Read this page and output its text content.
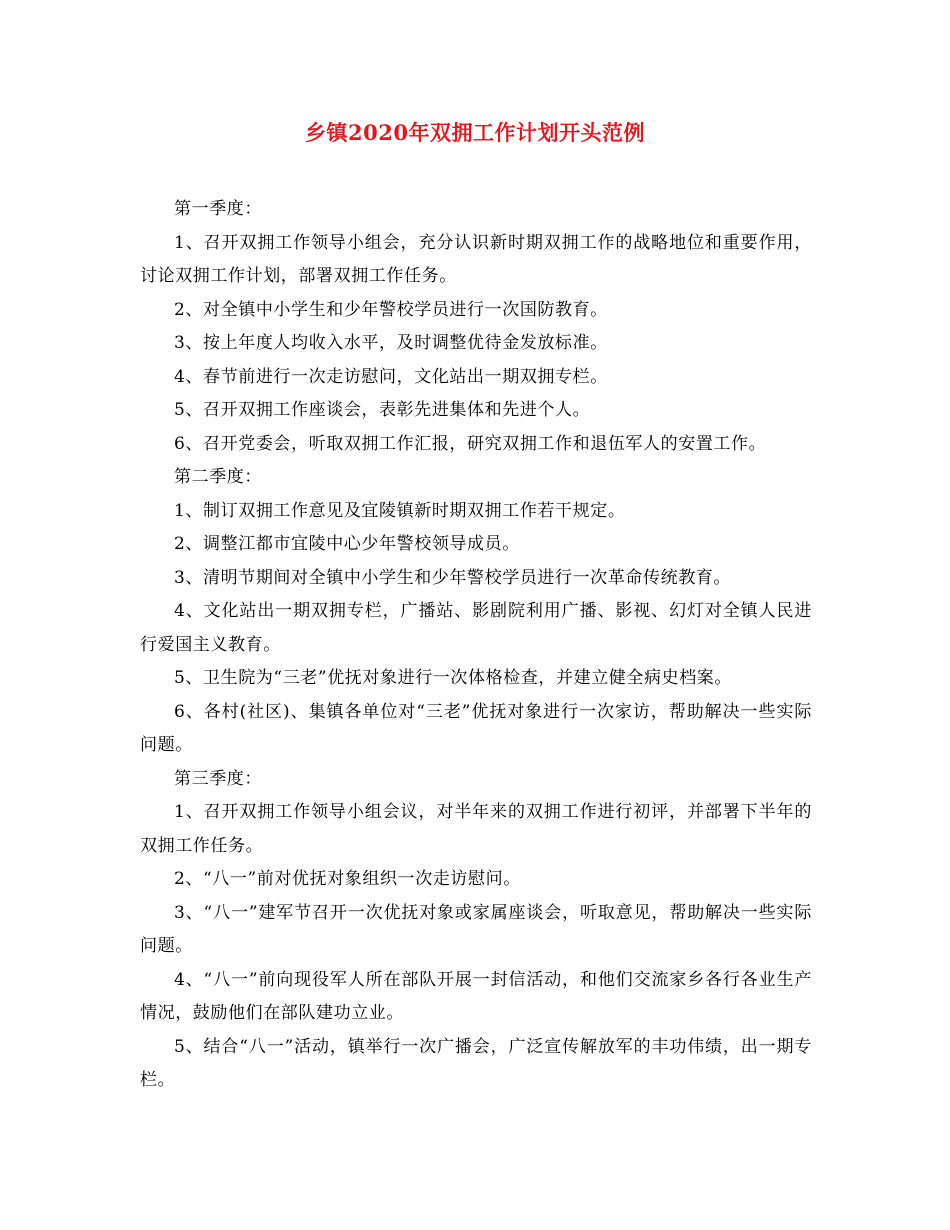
乡镇2020年双拥工作计划开头范例

第一季度：

1、召开双拥工作领导小组会，充分认识新时期双拥工作的战略地位和重要作用，讨论双拥工作计划，部署双拥工作任务。

2、对全镇中小学生和少年警校学员进行一次国防教育。

3、按上年度人均收入水平，及时调整优待金发放标准。

4、春节前进行一次走访慰问，文化站出一期双拥专栏。

5、召开双拥工作座谈会，表彰先进集体和先进个人。

6、召开党委会，听取双拥工作汇报，研究双拥工作和退伍军人的安置工作。

第二季度：

1、制订双拥工作意见及宜陵镇新时期双拥工作若干规定。

2、调整江都市宜陵中心少年警校领导成员。

3、清明节期间对全镇中小学生和少年警校学员进行一次革命传统教育。

4、文化站出一期双拥专栏，广播站、影剧院利用广播、影视、幻灯对全镇人民进行爱国主义教育。

5、卫生院为“三老”优抚对象进行一次体格检查，并建立健全病史档案。

6、各村(社区)、集镇各单位对“三老”优抚对象进行一次家访，帮助解决一些实际问题。

第三季度：

1、召开双拥工作领导小组会议，对半年来的双拥工作进行初评，并部署下半年的双拥工作任务。

2、“八一”前对优抚对象组织一次走访慰问。

3、“八一”建军节召开一次优抚对象或家属座谈会，听取意见，帮助解决一些实际问题。

4、“八一”前向现役军人所在部队开展一封信活动，和他们交流家乡各行各业生产情况，鼓励他们在部队建功立业。

5、结合“八一”活动，镇举行一次广播会，广泛宣传解放军的丰功伟绩，出一期专栏。
